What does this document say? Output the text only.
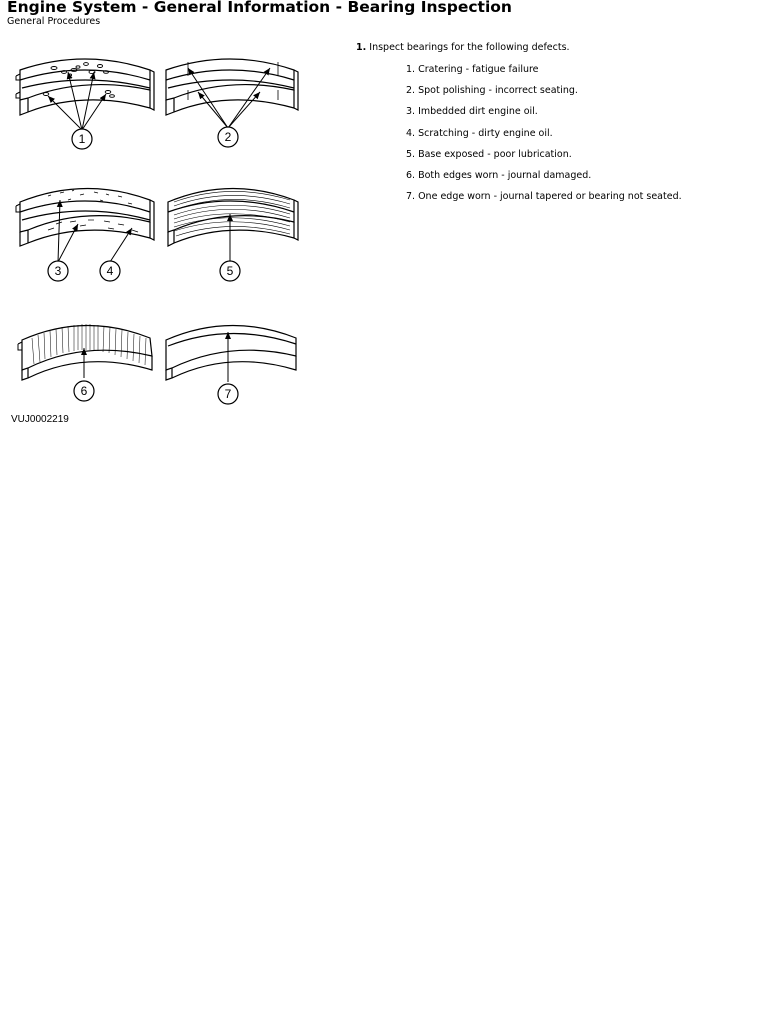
Engine System - General Information - Bearing Inspection
General Procedures
1	2
3	4	5
6	7
VUJ0002219

1. Inspect bearings for the following defects.

1. Cratering - fatigue failure
2. Spot polishing - incorrect seating.
3. Imbedded dirt engine oil.
4. Scratching - dirty engine oil.
5. Base exposed - poor lubrication.
6. Both edges worn - journal damaged.
7. One edge worn - journal tapered or bearing not seated.
